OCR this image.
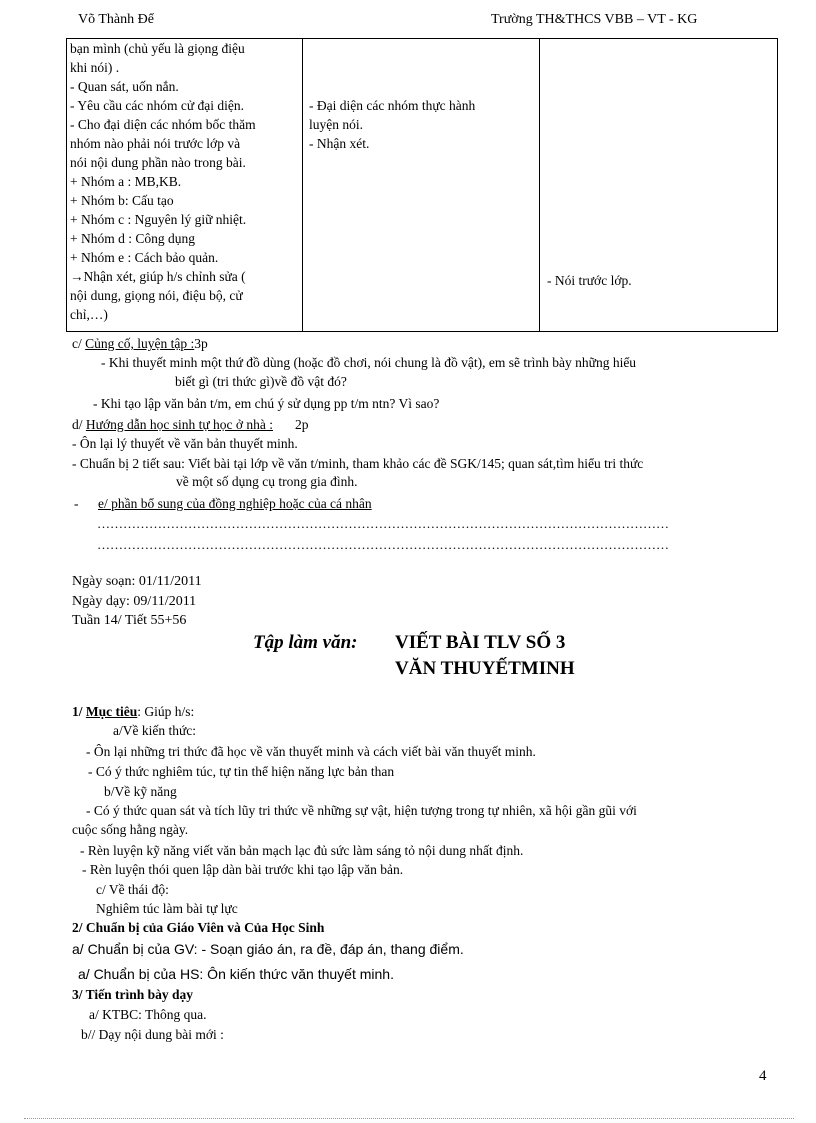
Võ Thành Để	Trường TH&THCS VBB – VT - KG
bạn mình (chủ yếu là giọng điệu
khi nói) .
- Quan sát, uốn nắn.
- Yêu cầu các nhóm cử đại diện.
- Cho đại diện các nhóm bốc thăm
nhóm nào phải nói trước lớp và
nói nội dung phần nào trong bài.
+ Nhóm a : MB,KB.
+ Nhóm b: Cấu tạo
+ Nhóm c : Nguyên lý giữ nhiệt.
+ Nhóm d : Công dụng
+ Nhóm e : Cách bảo quản.
→Nhận xét, giúp h/s chỉnh sửa (
nội dung, giọng nói, điệu bộ, cử
chỉ,…)

- Đại diện các nhóm thực hành
luyện nói.
- Nhận xét.

- Nói trước lớp.
c/ Củng cố, luyện tập :3p
- Khi thuyết minh một thứ đồ dùng (hoặc đồ chơi, nói chung là đồ vật), em sẽ trình bày những hiểu
biết gì (tri thức gì)về đồ vật đó?
- Khi tạo lập văn bản t/m, em chú ý sử dụng pp t/m ntn? Vì sao?
d/ Hướng dẫn học sinh tự học ở nhà : 2p
- Ôn lại lý thuyết về văn bản thuyết minh.
- Chuẩn bị 2 tiết sau: Viết bài tại lớp về văn t/minh, tham khảo các đề SGK/145; quan sát,tìm hiểu tri thức
về một số dụng cụ trong gia đình.
- e/ phần bổ sung của đồng nghiệp hoặc của cá nhân
……………………………………………………………………………………………………………………
……………………………………………………………………………………………………………………
Ngày soạn: 01/11/2011
Ngày dạy: 09/11/2011
Tuần 14/ Tiết 55+56
Tập làm văn: VIẾT BÀI TLV SỐ 3
VĂN THUYẾTMINH
1/ Mục tiêu: Giúp h/s:
a/Về kiến thức:
- Ôn lại những tri thức đã học về văn thuyết minh và cách viết bài văn thuyết minh.
- Có ý thức nghiêm túc, tự tin thể hiện năng lực bản than
b/Về kỹ năng
- Có ý thức quan sát và tích lũy tri thức về những sự vật, hiện tượng trong tự nhiên, xã hội gần gũi với
cuộc sống hằng ngày.
- Rèn luyện kỹ năng viết văn bản mạch lạc đủ sức làm sáng tỏ nội dung nhất định.
- Rèn luyện thói quen lập dàn bài trước khi tạo lập văn bản.
c/ Về thái độ:
Nghiêm túc làm bài tự lực
2/ Chuẩn bị của Giáo Viên và Của Học Sinh
a/ Chuẩn bị của GV: - Soạn giáo án, ra đề, đáp án, thang điểm.
a/ Chuẩn bị của HS: Ôn kiến thức văn thuyết minh.
3/ Tiến trình bày dạy
a/ KTBC: Thông qua.
b// Dạy nội dung bài mới :
4
